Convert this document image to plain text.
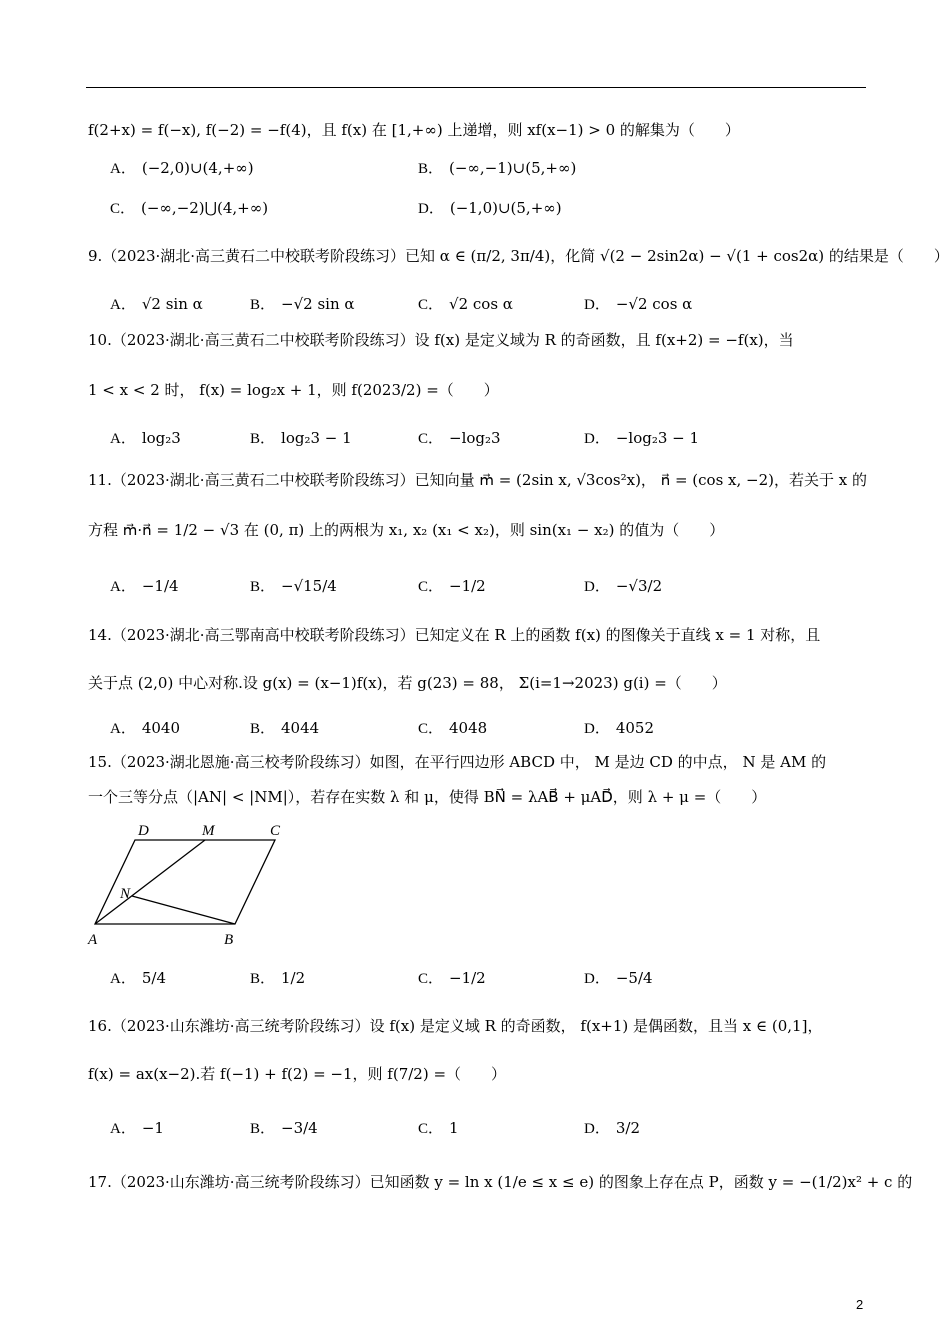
f(2+x) = f(−x), f(−2) = −f(4)，且 f(x) 在 [1,+∞) 上递增，则 xf(x−1) > 0 的解集为（　　）
A． (−2,0)∪(4,+∞)	B． (−∞,−1)∪(5,+∞)
C． (−∞,−2)⋃(4,+∞)	D． (−1,0)∪(5,+∞)
9.（2023·湖北·高三黄石二中校联考阶段练习）已知 α ∈ (π/2, 3π/4)，化简 √(2 − 2sin2α) − √(1 + cos2α) 的结果是（　　）
A． √2 sin α	B． −√2 sin α	C． √2 cos α	D． −√2 cos α
10.（2023·湖北·高三黄石二中校联考阶段练习）设 f(x) 是定义域为 R 的奇函数，且 f(x+2) = −f(x)，当
1 < x < 2 时， f(x) = log₂x + 1，则 f(2023/2) =（　　）
A． log₂3	B． log₂3 − 1	C． −log₂3	D． −log₂3 − 1
11.（2023·湖北·高三黄石二中校联考阶段练习）已知向量 m⃗ = (2sin x, √3cos²x)， n⃗ = (cos x, −2)，若关于 x 的
方程 m⃗·n⃗ = 1/2 − √3 在 (0, π) 上的两根为 x₁, x₂ (x₁ < x₂)，则 sin(x₁ − x₂) 的值为（　　）
A． −1/4	B． −√15/4	C． −1/2	D． −√3/2
14.（2023·湖北·高三鄂南高中校联考阶段练习）已知定义在 R 上的函数 f(x) 的图像关于直线 x = 1 对称，且
关于点 (2,0) 中心对称.设 g(x) = (x−1)f(x)，若 g(23) = 88， Σ(i=1→2023) g(i) =（　　）
A． 4040	B． 4044	C． 4048	D． 4052
15.（2023·湖北恩施·高三校考阶段练习）如图，在平行四边形 ABCD 中， M 是边 CD 的中点， N 是 AM 的
一个三等分点（|AN| < |NM|），若存在实数 λ 和 μ，使得 BN⃗ = λAB⃗ + μAD⃗，则 λ + μ =（　　）
D	M	C
N
A	B
A． 5/4	B． 1/2	C． −1/2	D． −5/4
16.（2023·山东潍坊·高三统考阶段练习）设 f(x) 是定义域 R 的奇函数， f(x+1) 是偶函数，且当 x ∈ (0,1]，
f(x) = ax(x−2).若 f(−1) + f(2) = −1，则 f(7/2) =（　　）
A． −1	B． −3/4	C． 1	D． 3/2
17.（2023·山东潍坊·高三统考阶段练习）已知函数 y = ln x (1/e ≤ x ≤ e) 的图象上存在点 P，函数 y = −(1/2)x² + c 的
2
